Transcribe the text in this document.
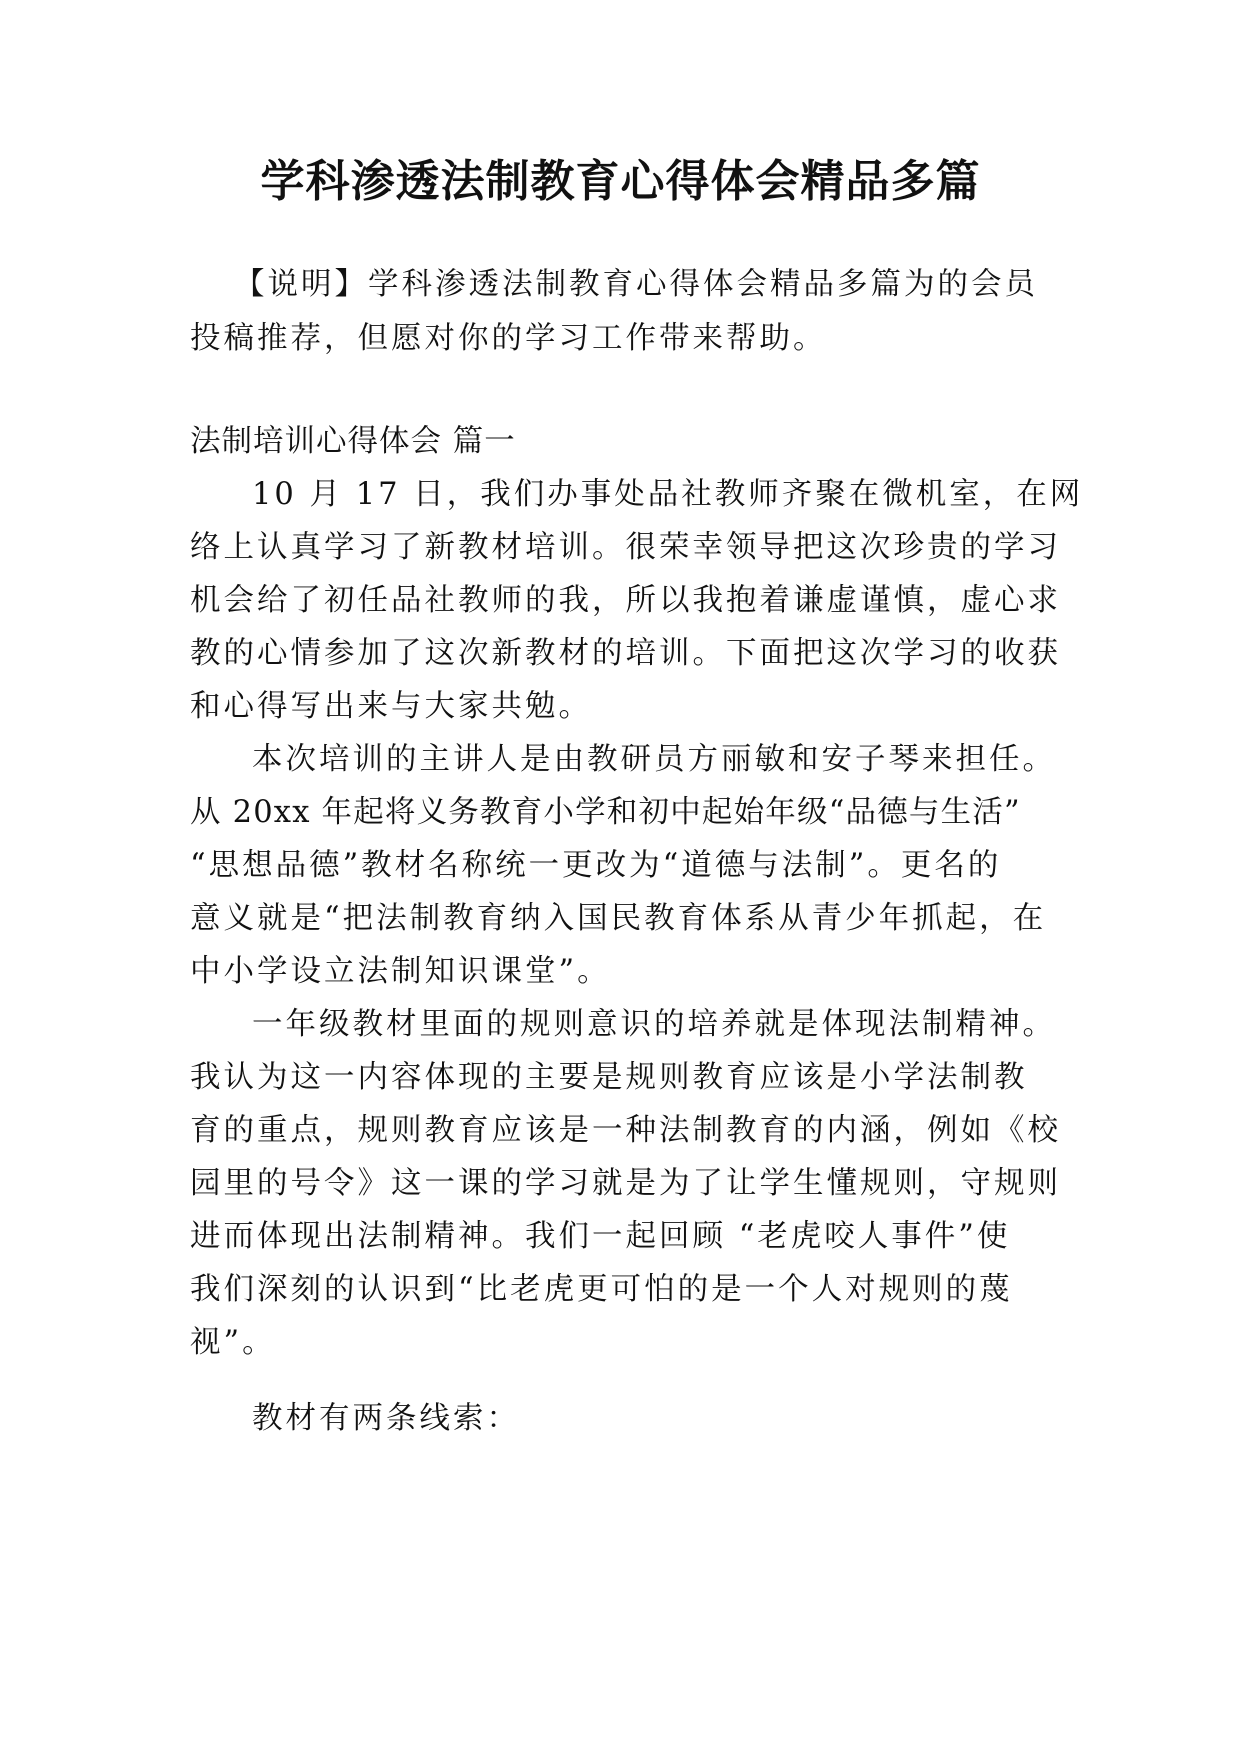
学科渗透法制教育心得体会精品多篇
【说明】学科渗透法制教育心得体会精品多篇为的会员
投稿推荐，但愿对你的学习工作带来帮助。
法制培训心得体会 篇一
10 月 17 日，我们办事处品社教师齐聚在微机室，在网
络上认真学习了新教材培训。很荣幸领导把这次珍贵的学习
机会给了初任品社教师的我，所以我抱着谦虚谨慎，虚心求
教的心情参加了这次新教材的培训。下面把这次学习的收获
和心得写出来与大家共勉。
本次培训的主讲人是由教研员方丽敏和安子琴来担任。
从 20xx 年起将义务教育小学和初中起始年级“品德与生活”
“思想品德”教材名称统一更改为“道德与法制”。更名的
意义就是“把法制教育纳入国民教育体系从青少年抓起，在
中小学设立法制知识课堂”。
一年级教材里面的规则意识的培养就是体现法制精神。
我认为这一内容体现的主要是规则教育应该是小学法制教
育的重点，规则教育应该是一种法制教育的内涵，例如《校
园里的号令》这一课的学习就是为了让学生懂规则，守规则
进而体现出法制精神。我们一起回顾 “老虎咬人事件”使
我们深刻的认识到“比老虎更可怕的是一个人对规则的蔑
视”。
教材有两条线索：
